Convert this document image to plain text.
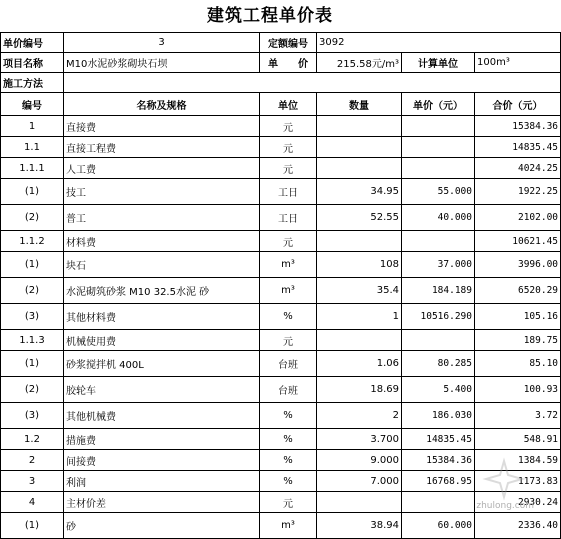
建筑工程单价表
单价编号	3	定额编号	3092		
项目名称	M10水泥砂浆砌块石坝	单　　价	215.58元/m³	计算单位	100m³
施工方法					
编号	名称及规格	单位	数量	单价（元）	合价（元）
1	直接费	元			15384.36
1.1	直接工程费	元			14835.45
1.1.1	人工费	元			4024.25
(1)	技工	工日	34.95	55.000	1922.25
(2)	普工	工日	52.55	40.000	2102.00
1.1.2	材料费	元			10621.45
(1)	块石	m³	108	37.000	3996.00
(2)	水泥砌筑砂浆 M10 32.5水泥 砂	m³	35.4	184.189	6520.29
(3)	其他材料费	%	1	10516.290	105.16
1.1.3	机械使用费	元			189.75
(1)	砂浆搅拌机 400L	台班	1.06	80.285	85.10
(2)	胶轮车	台班	18.69	5.400	100.93
(3)	其他机械费	%	2	186.030	3.72
1.2	措施费	%	3.700	14835.45	548.91
2	间接费	%	9.000	15384.36	1384.59
3	利润	%	7.000	16768.95	1173.83
4	主材价差	元			2930.24
(1)	砂	m³	38.94	60.000	2336.40
zhulong.com
